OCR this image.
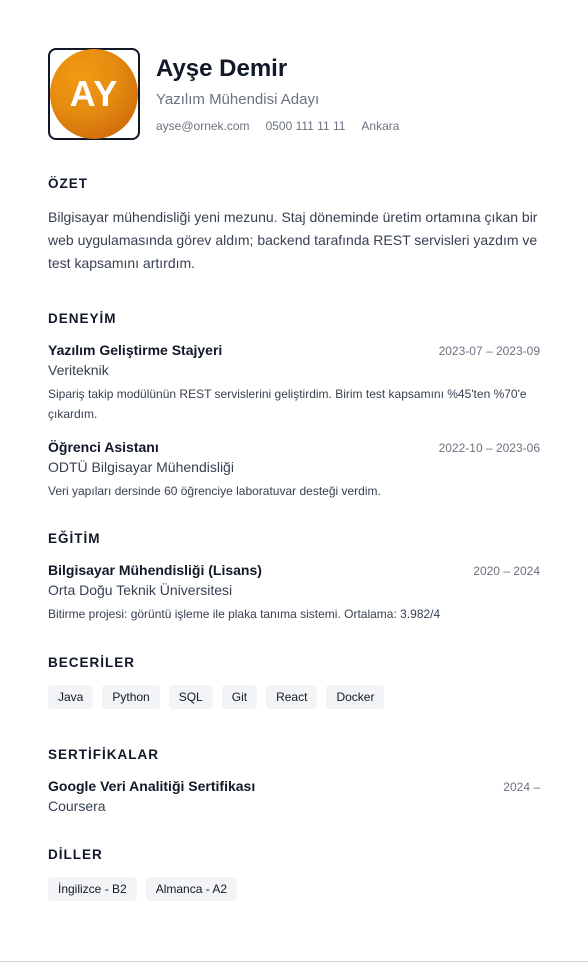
AY
Ayşe Demir
Yazılım Mühendisi Adayı
ayse@ornek.com 0500 111 11 11 Ankara
ÖZET

Bilgisayar mühendisliği yeni mezunu. Staj döneminde üretim ortamına çıkan bir web uygulamasında görev aldım; backend tarafında REST servisleri yazdım ve test kapsamını artırdım.

DENEYİM
Yazılım Geliştirme Stajyeri	2023-07 – 2023-09
Veriteknik
Sipariş takip modülünün REST servislerini geliştirdim. Birim test kapsamını %45'ten %70'e çıkardım.
Öğrenci Asistanı	2022-10 – 2023-06
ODTÜ Bilgisayar Mühendisliği
Veri yapıları dersinde 60 öğrenciye laboratuvar desteği verdim.
EĞİTİM
Bilgisayar Mühendisliği (Lisans)	2020 – 2024
Orta Doğu Teknik Üniversitesi
Bitirme projesi: görüntü işleme ile plaka tanıma sistemi. Ortalama: 3.982/4
BECERİLER
Java	Python	SQL	Git	React	Docker
SERTİFİKALAR
Google Veri Analitiği Sertifikası	2024 –
Coursera
DİLLER
İngilizce - B2	Almanca - A2
